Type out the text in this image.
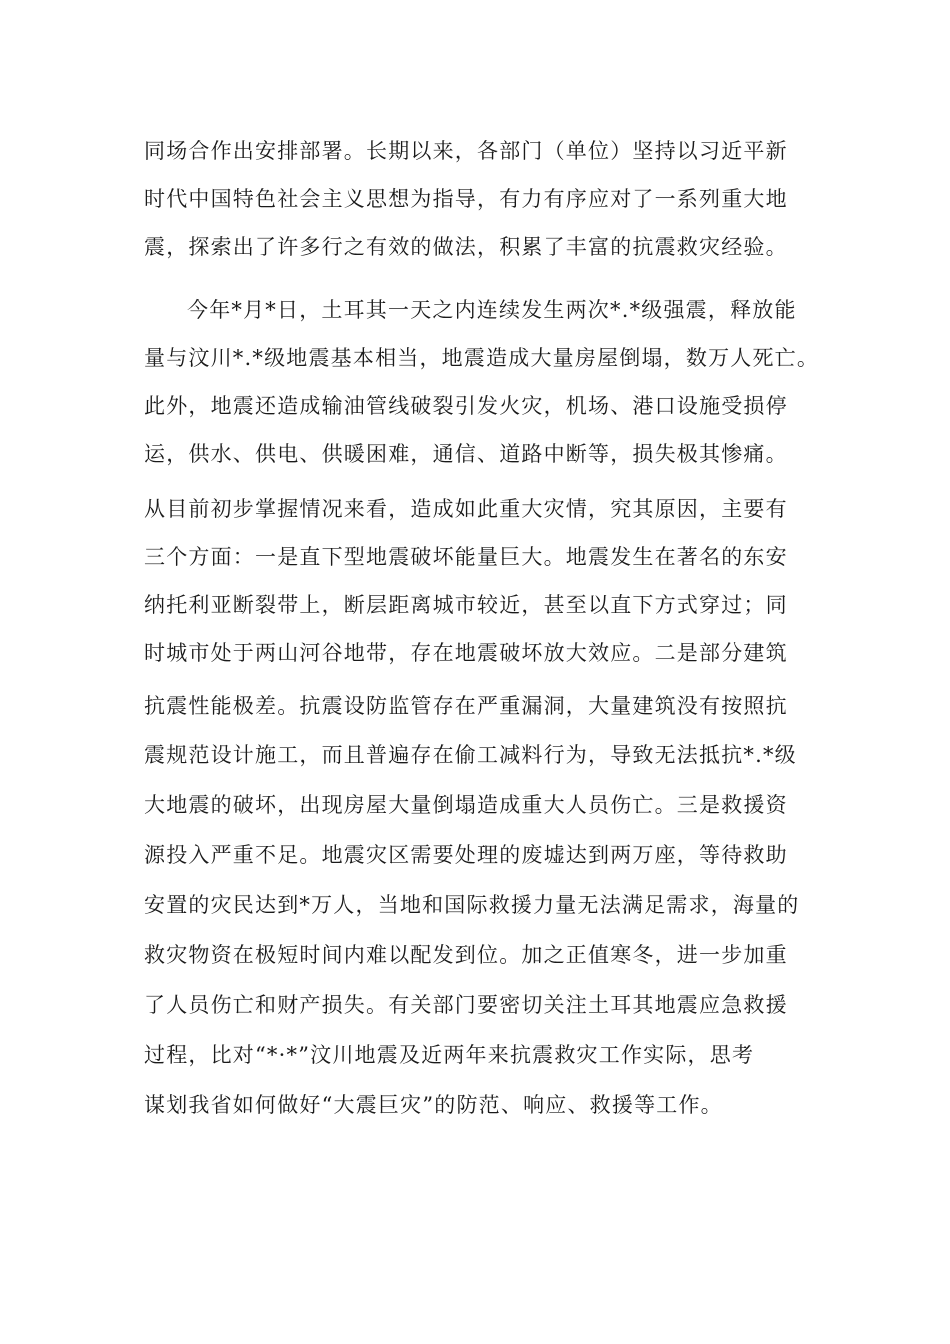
同场合作出安排部署。长期以来，各部门（单位）坚持以习近平新
时代中国特色社会主义思想为指导，有力有序应对了一系列重大地
震，探索出了许多行之有效的做法，积累了丰富的抗震救灾经验。
今年*月*日，土耳其一天之内连续发生两次*.*级强震，释放能
量与汶川*.*级地震基本相当，地震造成大量房屋倒塌，数万人死亡。
此外，地震还造成输油管线破裂引发火灾，机场、港口设施受损停
运，供水、供电、供暖困难，通信、道路中断等，损失极其惨痛。
从目前初步掌握情况来看，造成如此重大灾情，究其原因，主要有
三个方面：一是直下型地震破坏能量巨大。地震发生在著名的东安
纳托利亚断裂带上，断层距离城市较近，甚至以直下方式穿过；同
时城市处于两山河谷地带，存在地震破坏放大效应。二是部分建筑
抗震性能极差。抗震设防监管存在严重漏洞，大量建筑没有按照抗
震规范设计施工，而且普遍存在偷工减料行为，导致无法抵抗*.*级
大地震的破坏，出现房屋大量倒塌造成重大人员伤亡。三是救援资
源投入严重不足。地震灾区需要处理的废墟达到两万座，等待救助
安置的灾民达到*万人，当地和国际救援力量无法满足需求，海量的
救灾物资在极短时间内难以配发到位。加之正值寒冬，进一步加重
了人员伤亡和财产损失。有关部门要密切关注土耳其地震应急救援
过程，比对“*·*”汶川地震及近两年来抗震救灾工作实际，思考
谋划我省如何做好“大震巨灾”的防范、响应、救援等工作。
